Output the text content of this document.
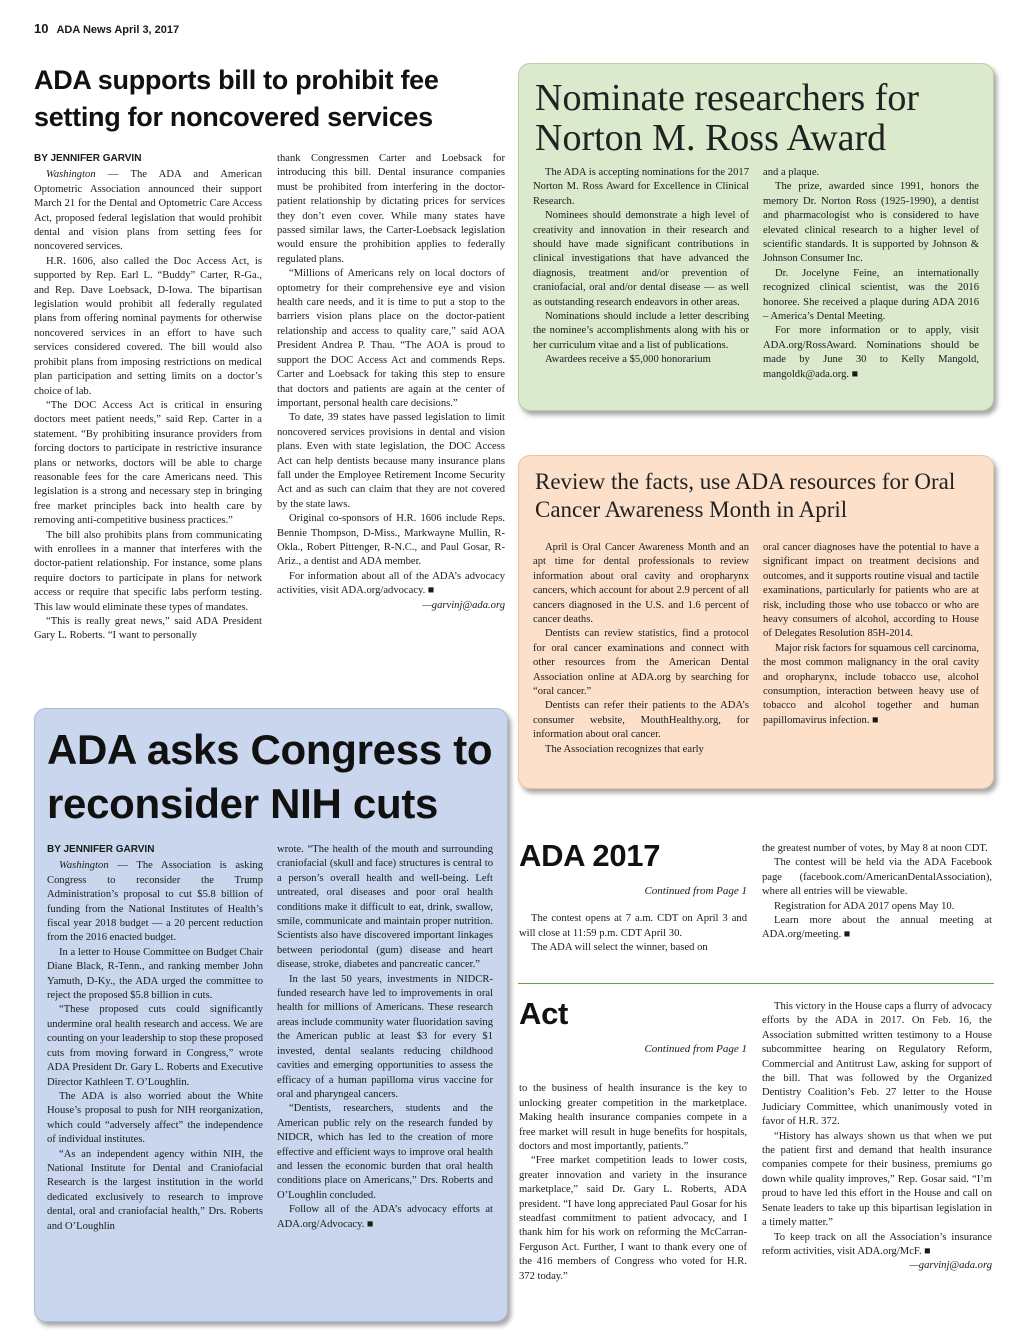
10 ADA News April 3, 2017
ADA supports bill to prohibit fee setting for noncovered services
BY JENNIFER GARVIN

Washington — The ADA and American Optometric Association announced their support March 21 for the Dental and Optometric Care Access Act, proposed federal legislation that would prohibit dental and vision plans from setting fees for noncovered services.

H.R. 1606, also called the Doc Access Act, is supported by Rep. Earl L. “Buddy” Carter, R-Ga., and Rep. Dave Loebsack, D-Iowa. The bipartisan legislation would prohibit all federally regulated plans from offering nominal payments for otherwise noncovered services in an effort to have such services considered covered. The bill would also prohibit plans from imposing restrictions on medical plan participation and setting limits on a doctor’s choice of lab.

“The DOC Access Act is critical in ensuring doctors meet patient needs,” said Rep. Carter in a statement. “By prohibiting insurance providers from forcing doctors to participate in restrictive insurance plans or networks, doctors will be able to charge reasonable fees for the care Americans need. This legislation is a strong and necessary step in bringing free market principles back into health care by removing anti-competitive business practices.”

The bill also prohibits plans from communicating with enrollees in a manner that interferes with the doctor-patient relationship. For instance, some plans require doctors to participate in plans for network access or require that specific labs perform testing. This law would eliminate these types of mandates.

“This is really great news,” said ADA President Gary L. Roberts. “I want to personally

thank Congressmen Carter and Loebsack for introducing this bill. Dental insurance companies must be prohibited from interfering in the doctor-patient relationship by dictating prices for services they don’t even cover. While many states have passed similar laws, the Carter-Loebsack legislation would ensure the prohibition applies to federally regulated plans.

“Millions of Americans rely on local doctors of optometry for their comprehensive eye and vision health care needs, and it is time to put a stop to the barriers vision plans place on the doctor-patient relationship and access to quality care,” said AOA President Andrea P. Thau. “The AOA is proud to support the DOC Access Act and commends Reps. Carter and Loebsack for taking this step to ensure that doctors and patients are again at the center of important, personal health care decisions.”

To date, 39 states have passed legislation to limit noncovered services provisions in dental and vision plans. Even with state legislation, the DOC Access Act can help dentists because many insurance plans fall under the Employee Retirement Income Security Act and as such can claim that they are not covered by the state laws.

Original co-sponsors of H.R. 1606 include Reps. Bennie Thompson, D-Miss., Markwayne Mullin, R-Okla., Robert Pittenger, R-N.C., and Paul Gosar, R-Ariz., a dentist and ADA member.

For information about all of the ADA’s advocacy activities, visit ADA.org/advocacy. ■

—garvinj@ada.org

Nominate researchers for Norton M. Ross Award

The ADA is accepting nominations for the 2017 Norton M. Ross Award for Excellence in Clinical Research.

Nominees should demonstrate a high level of creativity and innovation in their research and should have made significant contributions in clinical investigations that have advanced the diagnosis, treatment and/or prevention of craniofacial, oral and/or dental disease — as well as outstanding research endeavors in other areas.

Nominations should include a letter describing the nominee’s accomplishments along with his or her curriculum vitae and a list of publications.

Awardees receive a $5,000 honorarium

and a plaque.

The prize, awarded since 1991, honors the memory Dr. Norton Ross (1925-1990), a dentist and pharmacologist who is considered to have elevated clinical research to a higher level of scientific standards. It is supported by Johnson & Johnson Consumer Inc.

Dr. Jocelyne Feine, an internationally recognized clinical scientist, was the 2016 honoree. She received a plaque during ADA 2016 – America’s Dental Meeting.

For more information or to apply, visit ADA.org/RossAward. Nominations should be made by June 30 to Kelly Mangold, mangoldk@ada.org. ■

Review the facts, use ADA resources for Oral Cancer Awareness Month in April

April is Oral Cancer Awareness Month and an apt time for dental professionals to review information about oral cavity and oropharynx cancers, which account for about 2.9 percent of all cancers diagnosed in the U.S. and 1.6 percent of cancer deaths.

Dentists can review statistics, find a protocol for oral cancer examinations and connect with other resources from the American Dental Association online at ADA.org by searching for “oral cancer.”

Dentists can refer their patients to the ADA’s consumer website, MouthHealthy.org, for information about oral cancer.

The Association recognizes that early

oral cancer diagnoses have the potential to have a significant impact on treatment decisions and outcomes, and it supports routine visual and tactile examinations, particularly for patients who are at risk, including those who use tobacco or who are heavy consumers of alcohol, according to House of Delegates Resolution 85H-2014.

Major risk factors for squamous cell carcinoma, the most common malignancy in the oral cavity and oropharynx, include tobacco use, alcohol consumption, interaction between heavy use of tobacco and alcohol together and human papillomavirus infection. ■

ADA asks Congress to reconsider NIH cuts
BY JENNIFER GARVIN

Washington — The Association is asking Congress to reconsider the Trump Administration’s proposal to cut $5.8 billion of funding from the National Institutes of Health’s fiscal year 2018 budget — a 20 percent reduction from the 2016 enacted budget.

In a letter to House Committee on Budget Chair Diane Black, R-Tenn., and ranking member John Yamuth, D-Ky., the ADA urged the committee to reject the proposed $5.8 billion in cuts.

“These proposed cuts could significantly undermine oral health research and access. We are counting on your leadership to stop these proposed cuts from moving forward in Congress,” wrote ADA President Dr. Gary L. Roberts and Executive Director Kathleen T. O’Loughlin.

The ADA is also worried about the White House’s proposal to push for NIH reorganization, which could “adversely affect” the independence of individual institutes.

“As an independent agency within NIH, the National Institute for Dental and Craniofacial Research is the largest institution in the world dedicated exclusively to research to improve dental, oral and craniofacial health,” Drs. Roberts and O’Loughlin

wrote. “The health of the mouth and surrounding craniofacial (skull and face) structures is central to a person’s overall health and well-being. Left untreated, oral diseases and poor oral health conditions make it difficult to eat, drink, swallow, smile, communicate and maintain proper nutrition. Scientists also have discovered important linkages between periodontal (gum) disease and heart disease, stroke, diabetes and pancreatic cancer.”

In the last 50 years, investments in NIDCR-funded research have led to improvements in oral health for millions of Americans. These research areas include community water fluoridation saving the American public at least $3 for every $1 invested, dental sealants reducing childhood cavities and emerging opportunities to assess the efficacy of a human papilloma virus vaccine for oral and pharyngeal cancers.

“Dentists, researchers, students and the American public rely on the research funded by NIDCR, which has led to the creation of more effective and efficient ways to improve oral health and lessen the economic burden that oral health conditions place on Americans,” Drs. Roberts and O’Loughlin concluded.

Follow all of the ADA’s advocacy efforts at ADA.org/Advocacy. ■

ADA 2017

Continued from Page 1

The contest opens at 7 a.m. CDT on April 3 and will close at 11:59 p.m. CDT April 30.

The ADA will select the winner, based on

the greatest number of votes, by May 8 at noon CDT.

The contest will be held via the ADA Facebook page (facebook.com/AmericanDentalAssociation), where all entries will be viewable.

Registration for ADA 2017 opens May 10.

Learn more about the annual meeting at ADA.org/meeting. ■

Act

Continued from Page 1

to the business of health insurance is the key to unlocking greater competition in the marketplace. Making health insurance companies compete in a free market will result in huge benefits for hospitals, doctors and most importantly, patients.”

“Free market competition leads to lower costs, greater innovation and variety in the insurance marketplace,” said Dr. Gary L. Roberts, ADA president. “I have long appreciated Paul Gosar for his steadfast commitment to patient advocacy, and I thank him for his work on reforming the McCarran-Ferguson Act. Further, I want to thank every one of the 416 members of Congress who voted for H.R. 372 today.”

This victory in the House caps a flurry of advocacy efforts by the ADA in 2017. On Feb. 16, the Association submitted written testimony to a House subcommittee hearing on Regulatory Reform, Commercial and Antitrust Law, asking for support of the bill. That was followed by the Organized Dentistry Coalition’s Feb. 27 letter to the House Judiciary Committee, which unanimously voted in favor of H.R. 372.

“History has always shown us that when we put the patient first and demand that health insurance companies compete for their business, premiums go down while quality improves,” Rep. Gosar said. “I’m proud to have led this effort in the House and call on Senate leaders to take up this bipartisan legislation in a timely matter.”

To keep track on all the Association’s insurance reform activities, visit ADA.org/McF. ■

—garvinj@ada.org
